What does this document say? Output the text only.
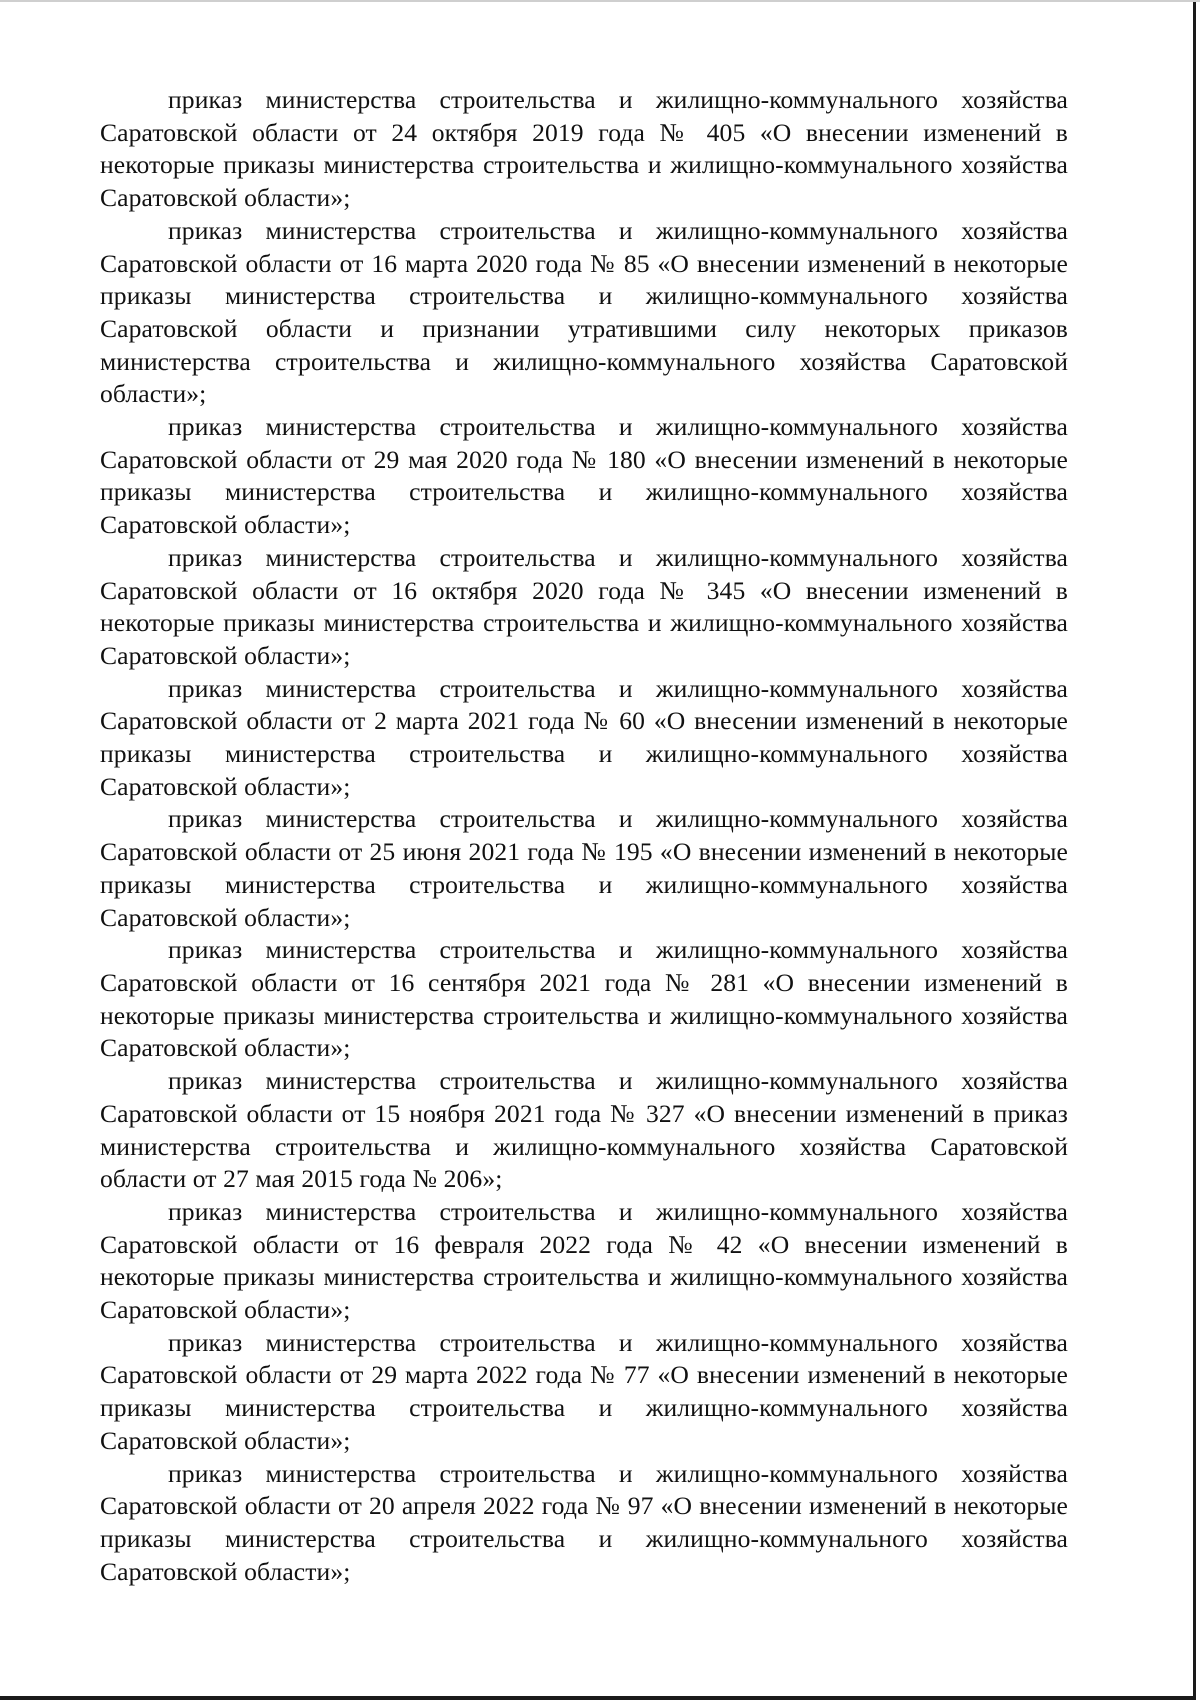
приказ министерства строительства и жилищно-коммунального хозяйства Саратовской области от 24 октября 2019 года № 405 «О внесении изменений в некоторые приказы министерства строительства и жилищно-коммунального хозяйства Саратовской области»;

приказ министерства строительства и жилищно-коммунального хозяйства Саратовской области от 16 марта 2020 года № 85 «О внесении изменений в некоторые приказы министерства строительства и жилищно-коммунального хозяйства Саратовской области и признании утратившими силу некоторых приказов министерства строительства и жилищно-коммунального хозяйства Саратовской области»;

приказ министерства строительства и жилищно-коммунального хозяйства Саратовской области от 29 мая 2020 года № 180 «О внесении изменений в некоторые приказы министерства строительства и жилищно-коммунального хозяйства Саратовской области»;

приказ министерства строительства и жилищно-коммунального хозяйства Саратовской области от 16 октября 2020 года № 345 «О внесении изменений в некоторые приказы министерства строительства и жилищно-коммунального хозяйства Саратовской области»;

приказ министерства строительства и жилищно-коммунального хозяйства Саратовской области от 2 марта 2021 года № 60 «О внесении изменений в некоторые приказы министерства строительства и жилищно-коммунального хозяйства Саратовской области»;

приказ министерства строительства и жилищно-коммунального хозяйства Саратовской области от 25 июня 2021 года № 195 «О внесении изменений в некоторые приказы министерства строительства и жилищно-коммунального хозяйства Саратовской области»;

приказ министерства строительства и жилищно-коммунального хозяйства Саратовской области от 16 сентября 2021 года № 281 «О внесении изменений в некоторые приказы министерства строительства и жилищно-коммунального хозяйства Саратовской области»;

приказ министерства строительства и жилищно-коммунального хозяйства Саратовской области от 15 ноября 2021 года № 327 «О внесении изменений в приказ министерства строительства и жилищно-коммунального хозяйства Саратовской области от 27 мая 2015 года № 206»;

приказ министерства строительства и жилищно-коммунального хозяйства Саратовской области от 16 февраля 2022 года № 42 «О внесении изменений в некоторые приказы министерства строительства и жилищно-коммунального хозяйства Саратовской области»;

приказ министерства строительства и жилищно-коммунального хозяйства Саратовской области от 29 марта 2022 года № 77 «О внесении изменений в некоторые приказы министерства строительства и жилищно-коммунального хозяйства Саратовской области»;

приказ министерства строительства и жилищно-коммунального хозяйства Саратовской области от 20 апреля 2022 года № 97 «О внесении изменений в некоторые приказы министерства строительства и жилищно-коммунального хозяйства Саратовской области»;
